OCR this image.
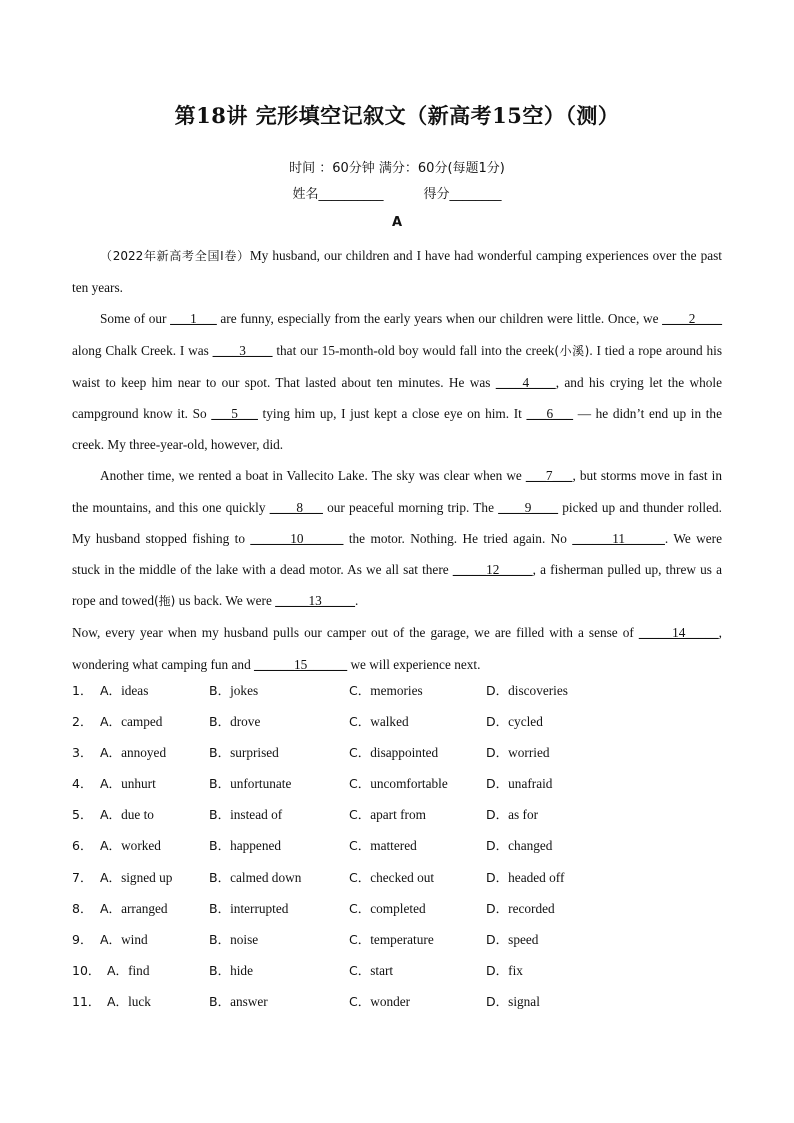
第18讲 完形填空记叙文（新高考15空）（测）
时间 ：60分钟 满分：60分(每题1分)
姓名__________	得分________
A

（2022年新高考全国I卷）My husband, our children and I have had wonderful camping experiences over the past ten years.

Some of our ___1___ are funny, especially from the early years when our children were little. Once, we ____2____ along Chalk Creek. I was ____3____ that our 15-month-old boy would fall into the creek(小溪). I tied a rope around his waist to keep him near to our spot. That lasted about ten minutes. He was ____4____, and his crying let the whole campground know it. So ___5___ tying him up, I just kept a close eye on him. It ___6___ — he didn’t end up in the creek. My three-year-old, however, did.

Another time, we rented a boat in Vallecito Lake. The sky was clear when we ___7___, but storms move in fast in the mountains, and this one quickly ____8___ our peaceful morning trip. The ____9____ picked up and thunder rolled. My husband stopped fishing to ______10______ the motor. Nothing. He tried again. No ______11______. We were stuck in the middle of the lake with a dead motor. As we all sat there _____12_____, a fisherman pulled up, threw us a rope and towed(拖) us back. We were _____13_____.

Now, every year when my husband pulls our camper out of the garage, we are filled with a sense of _____14_____, wondering what camping fun and ______15______ we will experience next.

1． A．ideas	B．jokes	C．memories	D．discoveries
2． A．camped	B．drove	C．walked	D．cycled
3． A．annoyed	B．surprised	C．disappointed	D．worried
4． A．unhurt	B．unfortunate	C．uncomfortable	D．unafraid
5． A．due to	B．instead of	C．apart from	D．as for
6． A．worked	B．happened	C．mattered	D．changed
7． A．signed up	B．calmed down	C．checked out	D．headed off
8． A．arranged	B．interrupted	C．completed	D．recorded
9． A．wind	B．noise	C．temperature	D．speed
10． A．find	B．hide	C．start	D．fix
11． A．luck	B．answer	C．wonder	D．signal
